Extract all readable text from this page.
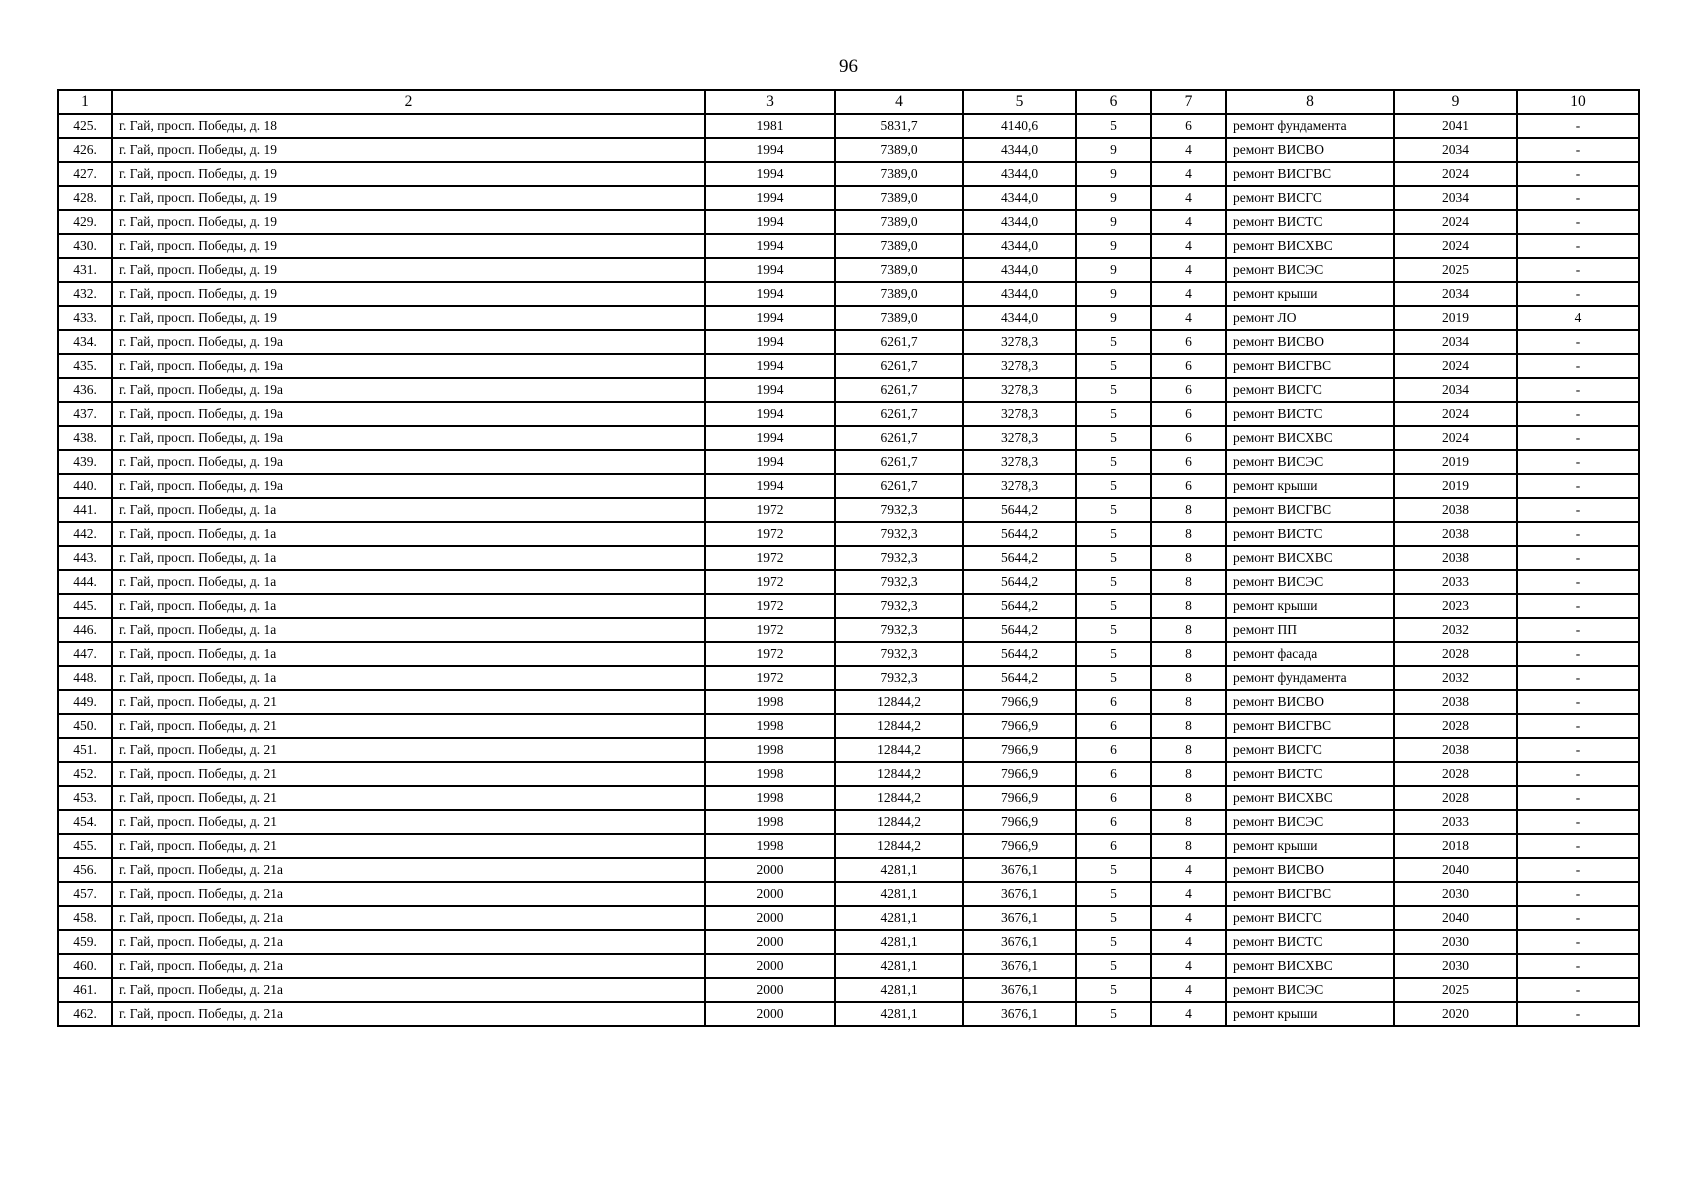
96
1	2	3	4	5	6	7	8	9	10
425.	г. Гай, просп. Победы, д. 18	1981	5831,7	4140,6	5	6	ремонт фундамента	2041	-
426.	г. Гай, просп. Победы, д. 19	1994	7389,0	4344,0	9	4	ремонт ВИСВО	2034	-
427.	г. Гай, просп. Победы, д. 19	1994	7389,0	4344,0	9	4	ремонт ВИСГВС	2024	-
428.	г. Гай, просп. Победы, д. 19	1994	7389,0	4344,0	9	4	ремонт ВИСГС	2034	-
429.	г. Гай, просп. Победы, д. 19	1994	7389,0	4344,0	9	4	ремонт ВИСТС	2024	-
430.	г. Гай, просп. Победы, д. 19	1994	7389,0	4344,0	9	4	ремонт ВИСХВС	2024	-
431.	г. Гай, просп. Победы, д. 19	1994	7389,0	4344,0	9	4	ремонт ВИСЭС	2025	-
432.	г. Гай, просп. Победы, д. 19	1994	7389,0	4344,0	9	4	ремонт крыши	2034	-
433.	г. Гай, просп. Победы, д. 19	1994	7389,0	4344,0	9	4	ремонт ЛО	2019	4
434.	г. Гай, просп. Победы, д. 19а	1994	6261,7	3278,3	5	6	ремонт ВИСВО	2034	-
435.	г. Гай, просп. Победы, д. 19а	1994	6261,7	3278,3	5	6	ремонт ВИСГВС	2024	-
436.	г. Гай, просп. Победы, д. 19а	1994	6261,7	3278,3	5	6	ремонт ВИСГС	2034	-
437.	г. Гай, просп. Победы, д. 19а	1994	6261,7	3278,3	5	6	ремонт ВИСТС	2024	-
438.	г. Гай, просп. Победы, д. 19а	1994	6261,7	3278,3	5	6	ремонт ВИСХВС	2024	-
439.	г. Гай, просп. Победы, д. 19а	1994	6261,7	3278,3	5	6	ремонт ВИСЭС	2019	-
440.	г. Гай, просп. Победы, д. 19а	1994	6261,7	3278,3	5	6	ремонт крыши	2019	-
441.	г. Гай, просп. Победы, д. 1а	1972	7932,3	5644,2	5	8	ремонт ВИСГВС	2038	-
442.	г. Гай, просп. Победы, д. 1а	1972	7932,3	5644,2	5	8	ремонт ВИСТС	2038	-
443.	г. Гай, просп. Победы, д. 1а	1972	7932,3	5644,2	5	8	ремонт ВИСХВС	2038	-
444.	г. Гай, просп. Победы, д. 1а	1972	7932,3	5644,2	5	8	ремонт ВИСЭС	2033	-
445.	г. Гай, просп. Победы, д. 1а	1972	7932,3	5644,2	5	8	ремонт крыши	2023	-
446.	г. Гай, просп. Победы, д. 1а	1972	7932,3	5644,2	5	8	ремонт ПП	2032	-
447.	г. Гай, просп. Победы, д. 1а	1972	7932,3	5644,2	5	8	ремонт фасада	2028	-
448.	г. Гай, просп. Победы, д. 1а	1972	7932,3	5644,2	5	8	ремонт фундамента	2032	-
449.	г. Гай, просп. Победы, д. 21	1998	12844,2	7966,9	6	8	ремонт ВИСВО	2038	-
450.	г. Гай, просп. Победы, д. 21	1998	12844,2	7966,9	6	8	ремонт ВИСГВС	2028	-
451.	г. Гай, просп. Победы, д. 21	1998	12844,2	7966,9	6	8	ремонт ВИСГС	2038	-
452.	г. Гай, просп. Победы, д. 21	1998	12844,2	7966,9	6	8	ремонт ВИСТС	2028	-
453.	г. Гай, просп. Победы, д. 21	1998	12844,2	7966,9	6	8	ремонт ВИСХВС	2028	-
454.	г. Гай, просп. Победы, д. 21	1998	12844,2	7966,9	6	8	ремонт ВИСЭС	2033	-
455.	г. Гай, просп. Победы, д. 21	1998	12844,2	7966,9	6	8	ремонт крыши	2018	-
456.	г. Гай, просп. Победы, д. 21а	2000	4281,1	3676,1	5	4	ремонт ВИСВО	2040	-
457.	г. Гай, просп. Победы, д. 21а	2000	4281,1	3676,1	5	4	ремонт ВИСГВС	2030	-
458.	г. Гай, просп. Победы, д. 21а	2000	4281,1	3676,1	5	4	ремонт ВИСГС	2040	-
459.	г. Гай, просп. Победы, д. 21а	2000	4281,1	3676,1	5	4	ремонт ВИСТС	2030	-
460.	г. Гай, просп. Победы, д. 21а	2000	4281,1	3676,1	5	4	ремонт ВИСХВС	2030	-
461.	г. Гай, просп. Победы, д. 21а	2000	4281,1	3676,1	5	4	ремонт ВИСЭС	2025	-
462.	г. Гай, просп. Победы, д. 21а	2000	4281,1	3676,1	5	4	ремонт крыши	2020	-
